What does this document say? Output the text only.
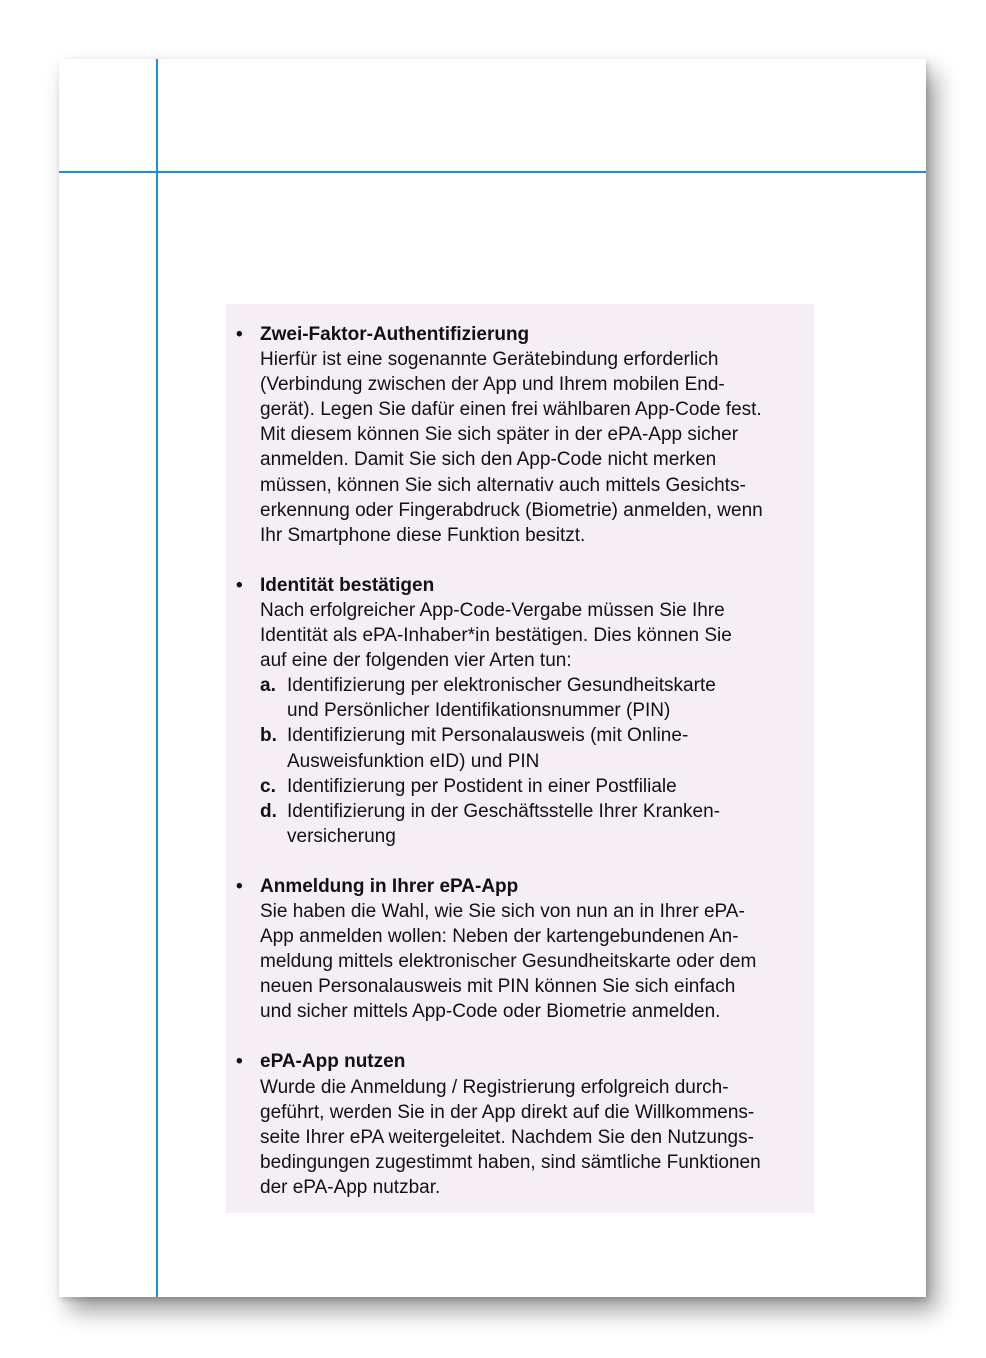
• Zwei-Faktor-Authentifizierung
Hierfür ist eine sogenannte Gerätebindung erforderlich
(Verbindung zwischen der App und Ihrem mobilen End-
gerät). Legen Sie dafür einen frei wählbaren App-Code fest.
Mit diesem können Sie sich später in der ePA-App sicher
anmelden. Damit Sie sich den App-Code nicht merken
müssen, können Sie sich alternativ auch mittels Gesichts-
erkennung oder Fingerabdruck (Biometrie) anmelden, wenn
Ihr Smartphone diese Funktion besitzt.
• Identität bestätigen
Nach erfolgreicher App-Code-Vergabe müssen Sie Ihre
Identität als ePA-Inhaber*in bestätigen. Dies können Sie
auf eine der folgenden vier Arten tun:
a. Identifizierung per elektronischer Gesundheitskarte
und Persönlicher Identifikationsnummer (PIN)
b. Identifizierung mit Personalausweis (mit Online-
Ausweisfunktion eID) und PIN
c. Identifizierung per Postident in einer Postfiliale
d. Identifizierung in der Geschäftsstelle Ihrer Kranken-
versicherung
• Anmeldung in Ihrer ePA-App
Sie haben die Wahl, wie Sie sich von nun an in Ihrer ePA-
App anmelden wollen: Neben der kartengebundenen An-
meldung mittels elektronischer Gesundheitskarte oder dem
neuen Personalausweis mit PIN können Sie sich einfach
und sicher mittels App-Code oder Biometrie anmelden.
• ePA-App nutzen
Wurde die Anmeldung / Registrierung erfolgreich durch-
geführt, werden Sie in der App direkt auf die Willkommens-
seite Ihrer ePA weitergeleitet. Nachdem Sie den Nutzungs-
bedingungen zugestimmt haben, sind sämtliche Funktionen
der ePA-App nutzbar.
